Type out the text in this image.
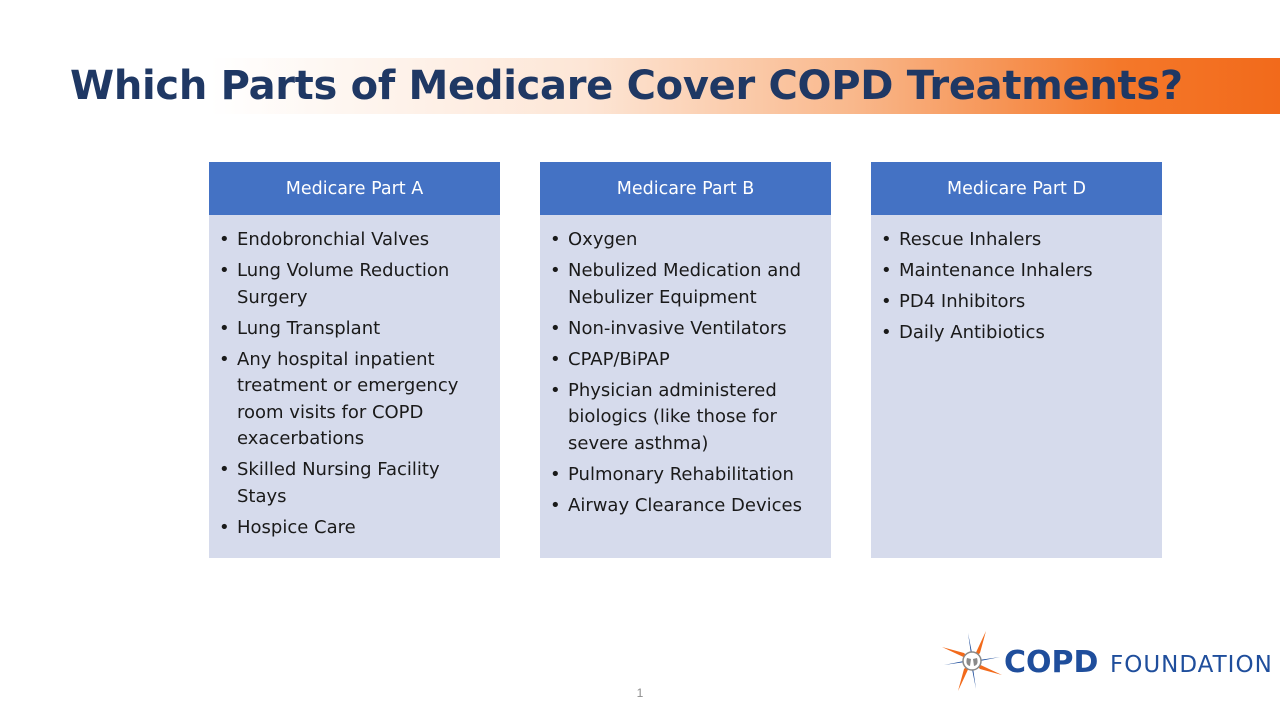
Which Parts of Medicare Cover COPD Treatments?
Medicare Part A
• Endobronchial Valves
• Lung Volume Reduction Surgery
• Lung Transplant
• Any hospital inpatient treatment or emergency room visits for COPD exacerbations
• Skilled Nursing Facility Stays
• Hospice Care
Medicare Part B
• Oxygen
• Nebulized Medication and Nebulizer Equipment
• Non-invasive Ventilators
• CPAP/BiPAP
• Physician administered biologics (like those for severe asthma)
• Pulmonary Rehabilitation
• Airway Clearance Devices
Medicare Part D
• Rescue Inhalers
• Maintenance Inhalers
• PD4 Inhibitors
• Daily Antibiotics
COPD FOUNDATION
1
